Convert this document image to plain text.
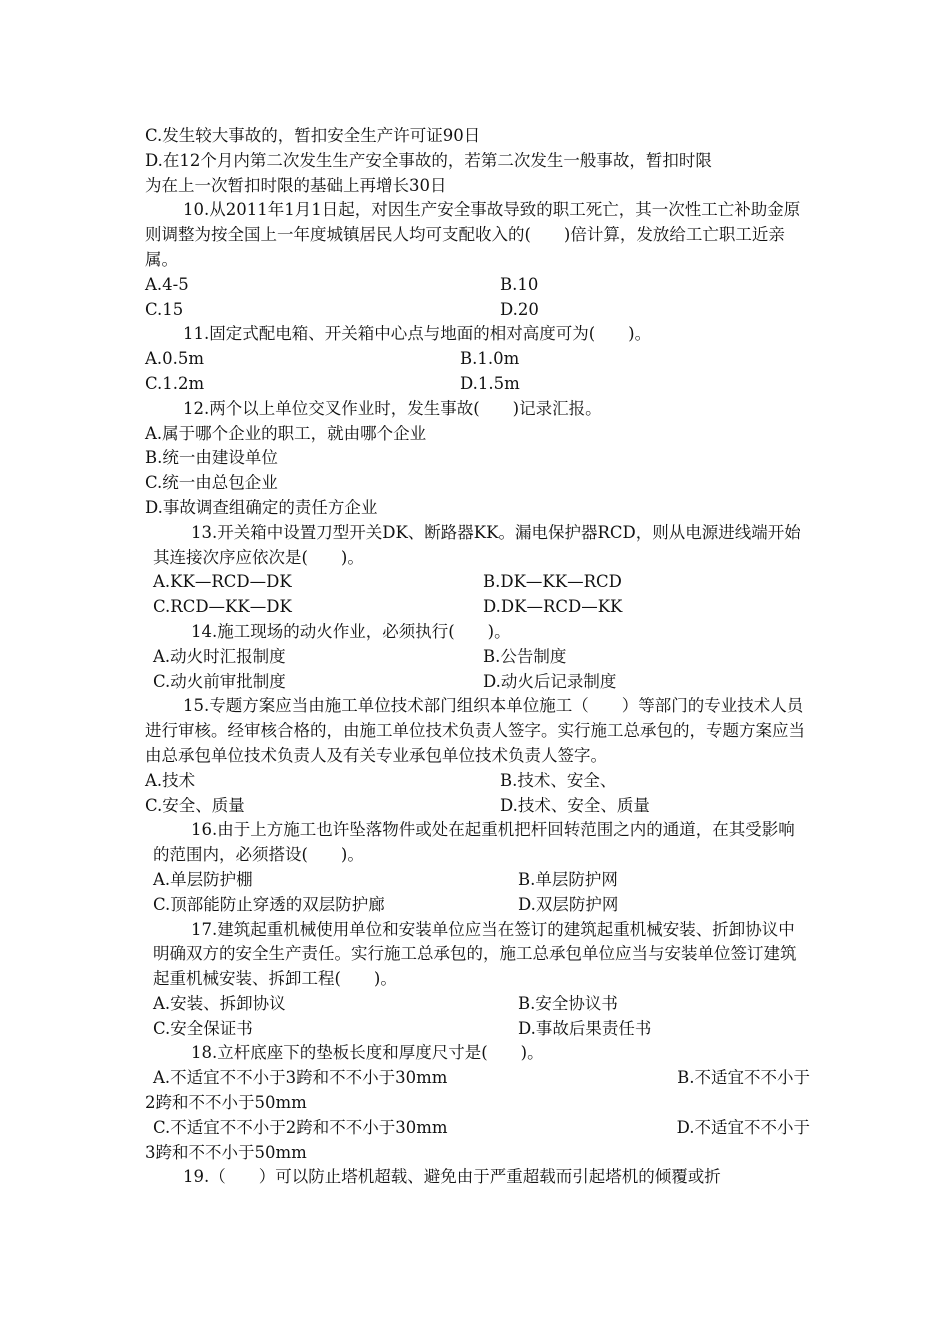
C.发生较大事故的，暂扣安全生产许可证90日
D.在12个月内第二次发生生产安全事故的，若第二次发生一般事故，暂扣时限
为在上一次暂扣时限的基础上再增长30日
10.从2011年1月1日起，对因生产安全事故导致的职工死亡，其一次性工亡补助金原则调整为按全国上一年度城镇居民人均可支配收入的(　　)倍计算，发放给工亡职工近亲属。
A.4-5	B.10
C.15	D.20
11.固定式配电箱、开关箱中心点与地面的相对高度可为(　　)。
A.0.5m	B.1.0m
C.1.2m	D.1.5m
12.两个以上单位交叉作业时，发生事故(　　)记录汇报。
A.属于哪个企业的职工，就由哪个企业
B.统一由建设单位
C.统一由总包企业
D.事故调查组确定的责任方企业
13.开关箱中设置刀型开关DK、断路器KK。漏电保护器RCD，则从电源进线端开始其连接次序应依次是(　　)。
A.KK—RCD—DK	B.DK—KK—RCD
C.RCD—KK—DK	D.DK—RCD—KK
14.施工现场的动火作业，必须执行(　　)。
A.动火时汇报制度	B.公告制度
C.动火前审批制度	D.动火后记录制度
15.专题方案应当由施工单位技术部门组织本单位施工（　　）等部门的专业技术人员进行审核。经审核合格的，由施工单位技术负责人签字。实行施工总承包的，专题方案应当由总承包单位技术负责人及有关专业承包单位技术负责人签字。
A.技术	B.技术、安全、
C.安全、质量	D.技术、安全、质量
16.由于上方施工也许坠落物件或处在起重机把杆回转范围之内的通道，在其受影响的范围内，必须搭设(　　)。
A.单层防护棚	B.单层防护网
C.顶部能防止穿透的双层防护廊	D.双层防护网
17.建筑起重机械使用单位和安装单位应当在签订的建筑起重机械安装、折卸协议中明确双方的安全生产责任。实行施工总承包的，施工总承包单位应当与安装单位签订建筑起重机械安装、拆卸工程(　　)。
A.安装、拆卸协议	B.安全协议书
C.安全保证书	D.事故后果责任书
18.立杆底座下的垫板长度和厚度尺寸是(　　)。
A.不适宜不不小于3跨和不不小于30mm	B.不适宜不不小于
2跨和不不小于50mm
C.不适宜不不小于2跨和不不小于30mm	D.不适宜不不小于
3跨和不不小于50mm
19.（　　）可以防止塔机超载、避免由于严重超载而引起塔机的倾覆或折
